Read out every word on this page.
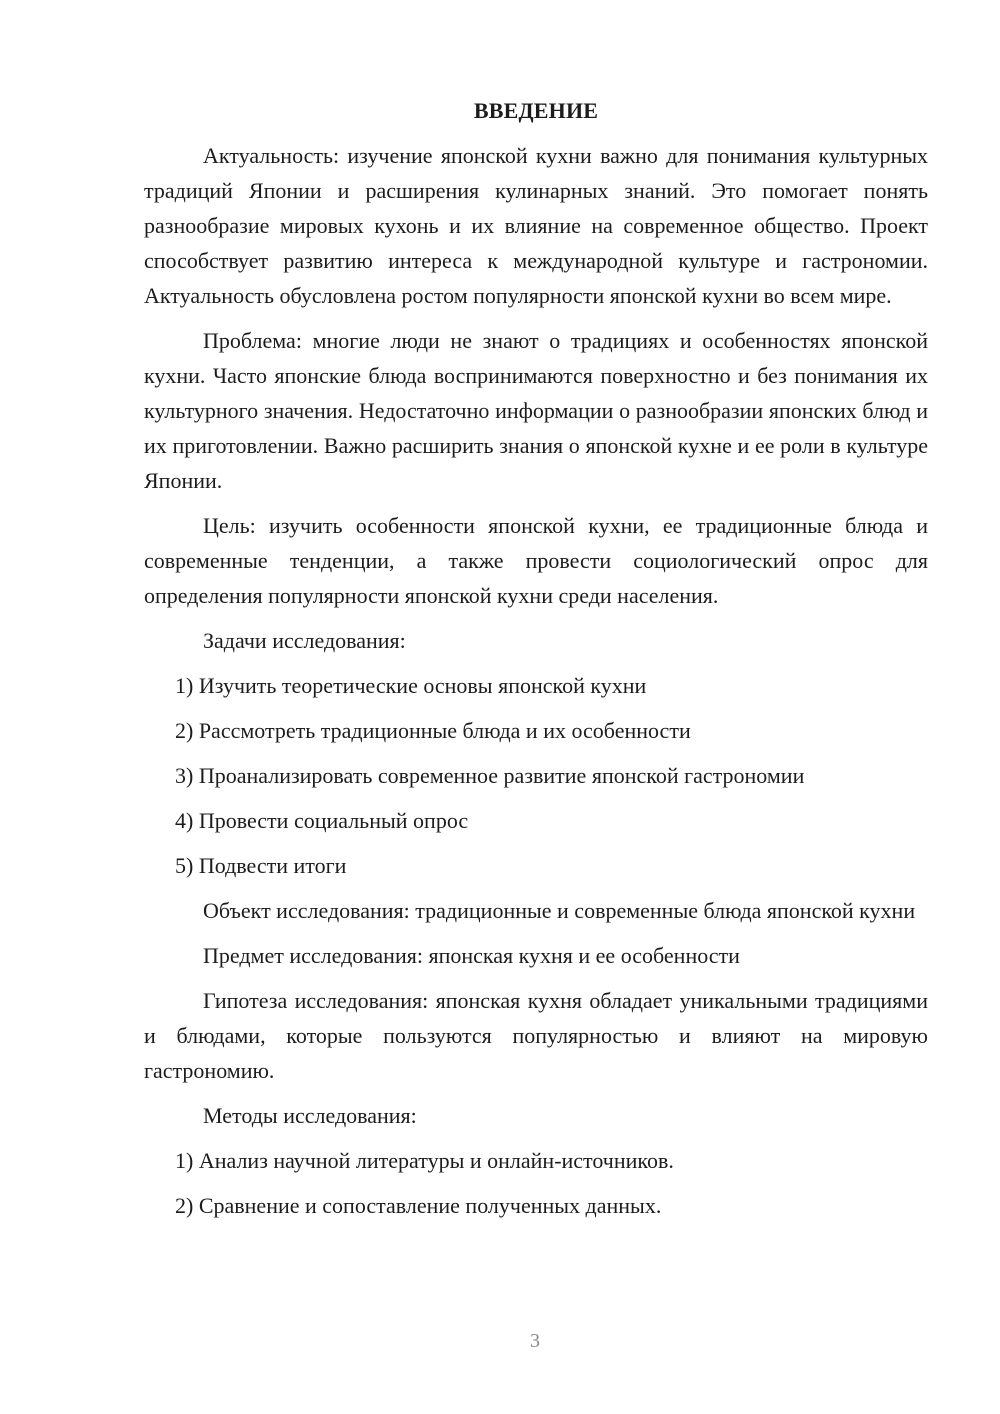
ВВЕДЕНИЕ

Актуальность: изучение японской кухни важно для понимания культурных традиций Японии и расширения кулинарных знаний. Это помогает понять разнообразие мировых кухонь и их влияние на современное общество. Проект способствует развитию интереса к международной культуре и гастрономии. Актуальность обусловлена ростом популярности японской кухни во всем мире.

Проблема: многие люди не знают о традициях и особенностях японской кухни. Часто японские блюда воспринимаются поверхностно и без понимания их культурного значения. Недостаточно информации о разнообразии японских блюд и их приготовлении. Важно расширить знания о японской кухне и ее роли в культуре Японии.

Цель: изучить особенности японской кухни, ее традиционные блюда и современные тенденции, а также провести социологический опрос для определения популярности японской кухни среди населения.

Задачи исследования:

1) Изучить теоретические основы японской кухни

2) Рассмотреть традиционные блюда и их особенности

3) Проанализировать современное развитие японской гастрономии

4) Провести социальный опрос

5) Подвести итоги

Объект исследования: традиционные и современные блюда японской кухни

Предмет исследования: японская кухня и ее особенности

Гипотеза исследования: японская кухня обладает уникальными традициями и блюдами, которые пользуются популярностью и влияют на мировую гастрономию.

Методы исследования:

1) Анализ научной литературы и онлайн-источников.

2) Сравнение и сопоставление полученных данных.

3
